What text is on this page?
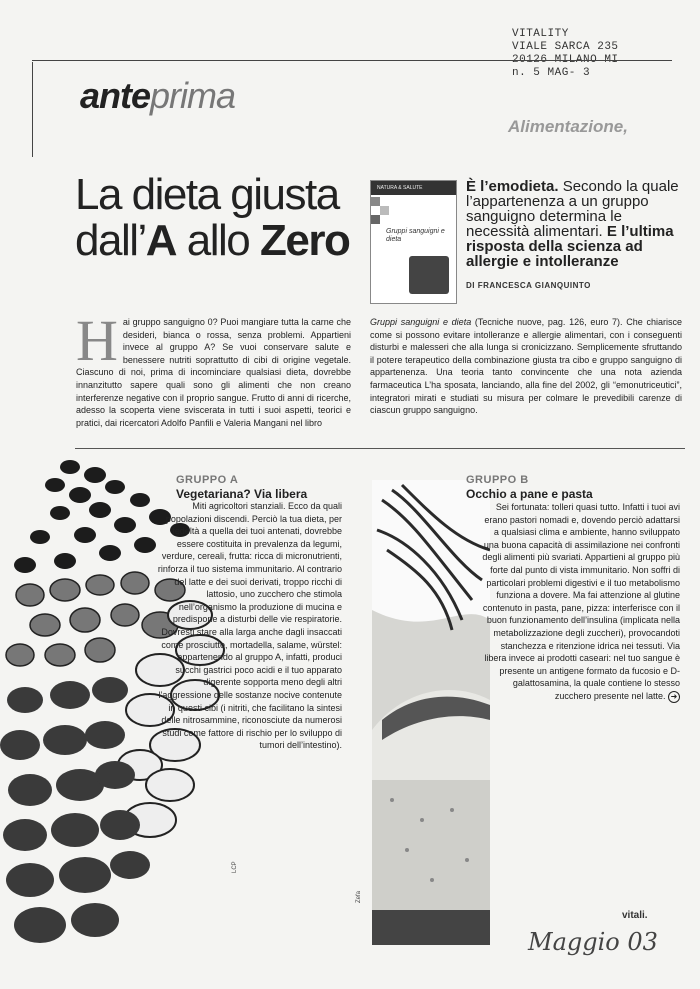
VITALITY
VIALE SARCA 235
20126 MILANO MI
n. 5 MAG- 3
anteprima
Alimentazione,
La dieta giusta
dall’A allo Zero
NATURA & SALUTE
Gruppi sanguigni e dieta
È l’emodieta. Secondo la quale l’appartenenza a un gruppo sanguigno determina le necessità alimentari. E l’ultima risposta della scienza ad allergie e intolleranze
DI FRANCESCA GIANQUINTO
Hai gruppo sanguigno 0? Puoi mangiare tutta la carne che desideri, bianca o rossa, senza problemi. Appartieni invece al gruppo A? Se vuoi conservare salute e benessere nutriti soprattutto di cibi di origine vegetale. Ciascuno di noi, prima di incominciare qualsiasi dieta, dovrebbe innanzitutto sapere quali sono gli alimenti che non creano interferenze negative con il proprio sangue. Frutto di anni di ricerche, adesso la scoperta viene sviscerata in tutti i suoi aspetti, teorici e pratici, dai ricercatori Adolfo Panfili e Valeria Mangani nel libro
Gruppi sanguigni e dieta (Tecniche nuove, pag. 126, euro 7). Che chiarisce come si possono evitare intolleranze e allergie alimentari, con i conseguenti disturbi e malesseri che alla lunga si cronicizzano. Semplicemente sfruttando il potere terapeutico della combinazione giusta tra cibo e gruppo sanguigno di appartenenza. Una teoria tanto convincente che una nota azienda farmaceutica L’ha sposata, lanciando, alla fine del 2002, gli “emonutriceutici”, integratori mirati e studiati su misura per colmare le prevedibili carenze di ciascun gruppo sanguigno.
LCP
GRUPPO A
Vegetariana? Via libera
Miti agricoltori stanziali. Ecco da quali popolazioni discendi. Perciò la tua dieta, per fedeltà a quella dei tuoi antenati, dovrebbe essere costituita in prevalenza da legumi, verdure, cereali, frutta: ricca di micronutrienti, rinforza il tuo sistema immunitario. Al contrario del latte e dei suoi derivati, troppo ricchi di lattosio, uno zucchero che stimola nell’organismo la produzione di mucina e predispone a disturbi delle vie respiratorie. Dovresti stare alla larga anche dagli insaccati come prosciutto, mortadella, salame, würstel: appartenendo al gruppo A, infatti, produci succhi gastrici poco acidi e il tuo apparato digerente sopporta meno degli altri l’aggressione delle sostanze nocive contenute in questi cibi (i nitriti, che facilitano la sintesi delle nitrosammine, riconosciute da numerosi studi come fattore di rischio per lo sviluppo di tumori dell’intestino).
Zefa
GRUPPO B
Occhio a pane e pasta
Sei fortunata: tolleri quasi tutto. Infatti i tuoi avi erano pastori nomadi e, dovendo perciò adattarsi a qualsiasi clima e ambiente, hanno sviluppato una buona capacità di assimilazione nei confronti degli alimenti più svariati. Appartieni al gruppo più forte dal punto di vista immunitario. Non soffri di particolari problemi digestivi e il tuo metabolismo funziona a dovere. Ma fai attenzione al glutine contenuto in pasta, pane, pizza: interferisce con il buon funzionamento dell’insulina (implicata nella metabolizzazione degli zuccheri), provocandoti stanchezza e ritenzione idrica nei tessuti. Via libera invece ai prodotti caseari: nel tuo sangue è presente un antigene formato da fucosio e D-galattosamina, la quale contiene lo stesso zucchero presente nel latte. ➜
vitali.
Maggio 03
